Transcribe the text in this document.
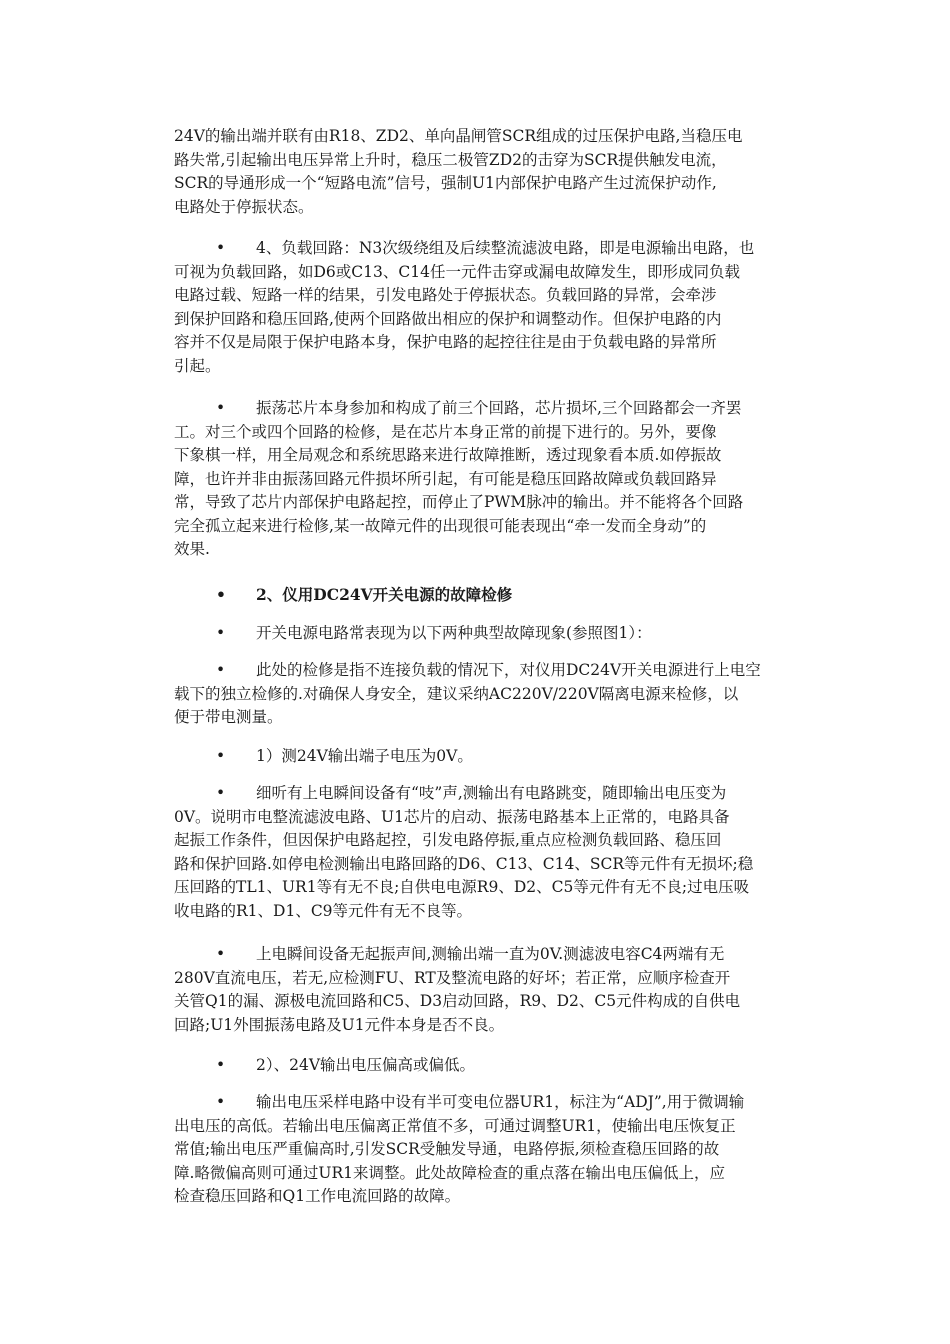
24V的输出端并联有由R18、ZD2、单向晶闸管SCR组成的过压保护电路,当稳压电
路失常,引起输出电压异常上升时，稳压二极管ZD2的击穿为SCR提供触发电流，
SCR的导通形成一个“短路电流”信号，强制U1内部保护电路产生过流保护动作,
电路处于停振状态。
• 4、负载回路：N3次级绕组及后续整流滤波电路，即是电源输出电路，也
可视为负载回路，如D6或C13、C14任一元件击穿或漏电故障发生，即形成同负载
电路过载、短路一样的结果，引发电路处于停振状态。负载回路的异常，会牵涉
到保护回路和稳压回路,使两个回路做出相应的保护和调整动作。但保护电路的内
容并不仅是局限于保护电路本身，保护电路的起控往往是由于负载电路的异常所
引起。
• 振荡芯片本身参加和构成了前三个回路，芯片损坏,三个回路都会一齐罢
工。对三个或四个回路的检修，是在芯片本身正常的前提下进行的。另外，要像
下象棋一样，用全局观念和系统思路来进行故障推断，透过现象看本质.如停振故
障，也许并非由振荡回路元件损坏所引起，有可能是稳压回路故障或负载回路异
常，导致了芯片内部保护电路起控，而停止了PWM脉冲的输出。并不能将各个回路
完全孤立起来进行检修,某一故障元件的出现很可能表现出“牵一发而全身动”的
效果.
• 2、仪用DC24V开关电源的故障检修
• 开关电源电路常表现为以下两种典型故障现象(参照图1）：
• 此处的检修是指不连接负载的情况下，对仪用DC24V开关电源进行上电空
载下的独立检修的.对确保人身安全，建议采纳AC220V/220V隔离电源来检修，以
便于带电测量。
• 1）测24V输出端子电压为0V。
• 细听有上电瞬间设备有“吱”声,测输出有电路跳变，随即输出电压变为
0V。说明市电整流滤波电路、U1芯片的启动、振荡电路基本上正常的，电路具备
起振工作条件，但因保护电路起控，引发电路停振,重点应检测负载回路、稳压回
路和保护回路.如停电检测输出电路回路的D6、C13、C14、SCR等元件有无损坏;稳
压回路的TL1、UR1等有无不良;自供电电源R9、D2、C5等元件有无不良;过电压吸
收电路的R1、D1、C9等元件有无不良等。
• 上电瞬间设备无起振声间,测输出端一直为0V.测滤波电容C4两端有无
280V直流电压，若无,应检测FU、RT及整流电路的好坏；若正常，应顺序检查开
关管Q1的漏、源极电流回路和C5、D3启动回路，R9、D2、C5元件构成的自供电
回路;U1外围振荡电路及U1元件本身是否不良。
• 2）、24V输出电压偏高或偏低。
• 输出电压采样电路中设有半可变电位器UR1，标注为“ADJ”,用于微调输
出电压的高低。若输出电压偏离正常值不多，可通过调整UR1，使输出电压恢复正
常值;输出电压严重偏高时,引发SCR受触发导通，电路停振,须检查稳压回路的故
障.略微偏高则可通过UR1来调整。此处故障检查的重点落在输出电压偏低上，应
检查稳压回路和Q1工作电流回路的故障。
